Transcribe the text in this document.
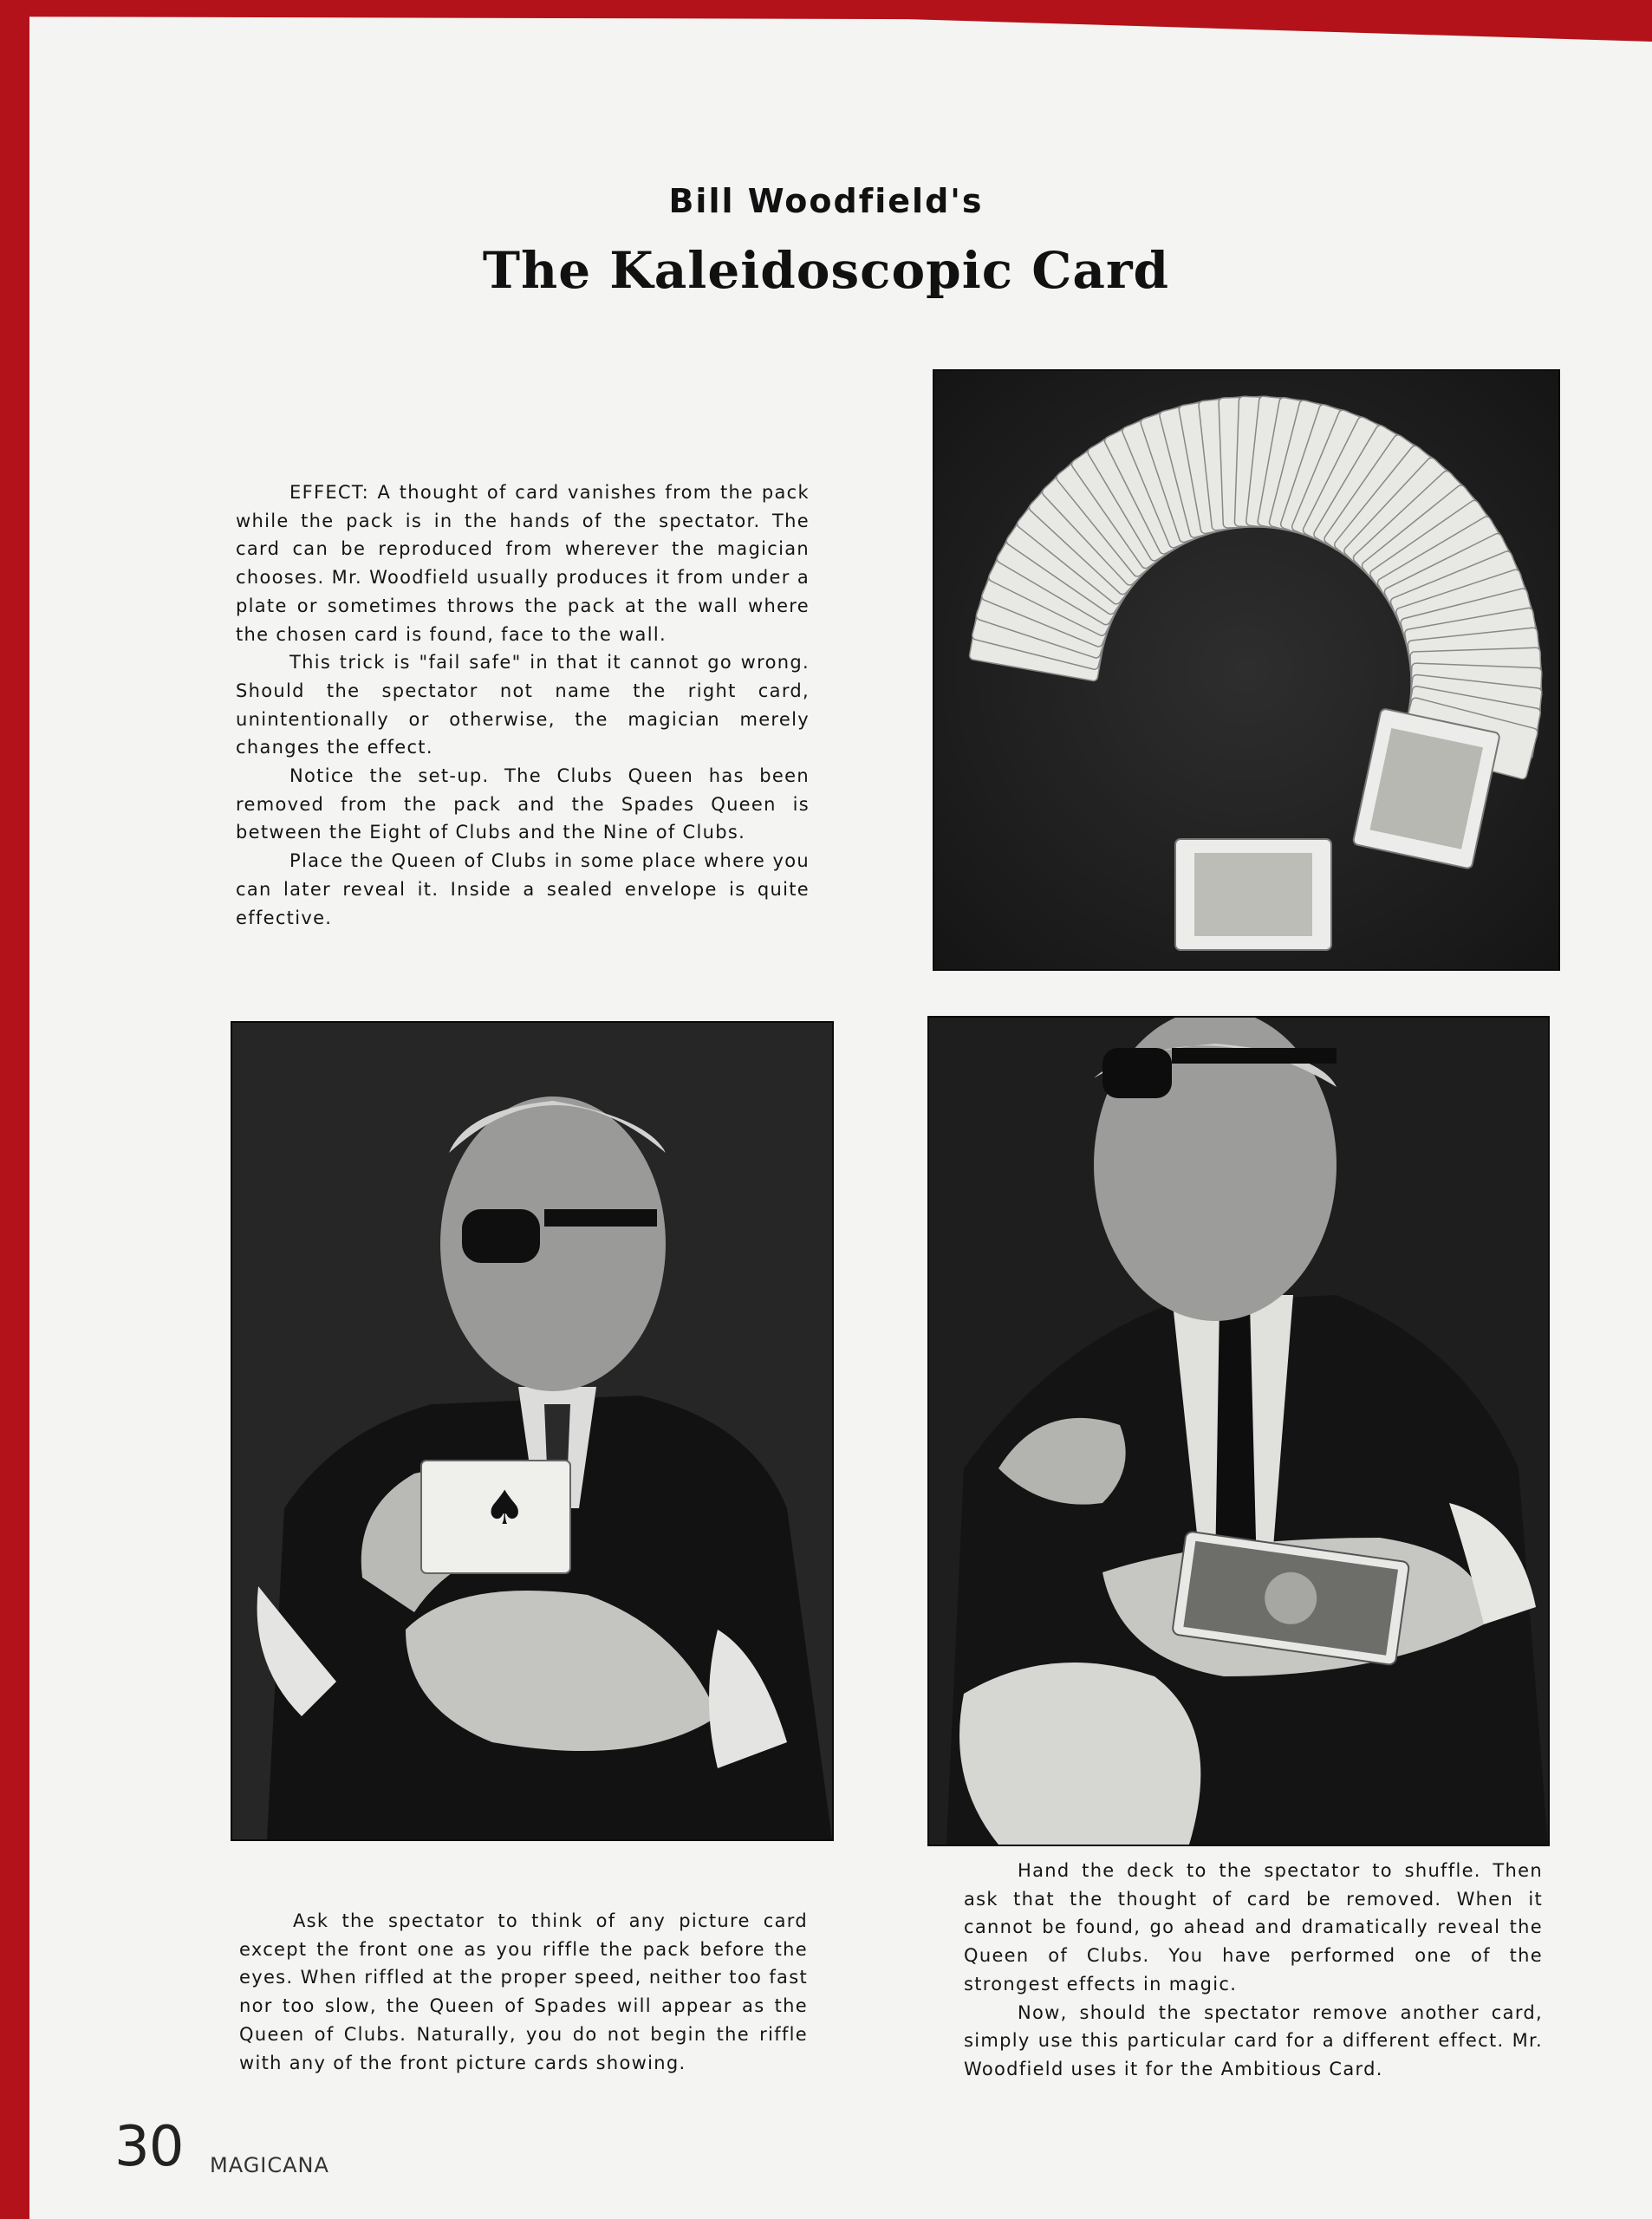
Bill Woodfield's
The Kaleidoscopic Card

EFFECT: A thought of card vanishes from the pack while the pack is in the hands of the spectator. The card can be reproduced from wherever the magician chooses. Mr. Woodfield usually produces it from under a plate or sometimes throws the pack at the wall where the chosen card is found, face to the wall.

This trick is "fail safe" in that it cannot go wrong. Should the spectator not name the right card, unintentionally or otherwise, the magician merely changes the effect.

Notice the set-up. The Clubs Queen has been removed from the pack and the Spades Queen is between the Eight of Clubs and the Nine of Clubs.

Place the Queen of Clubs in some place where you can later reveal it. Inside a sealed envelope is quite effective.

♠

Ask the spectator to think of any picture card except the front one as you riffle the pack before the eyes. When riffled at the proper speed, neither too fast nor too slow, the Queen of Spades will appear as the Queen of Clubs. Naturally, you do not begin the riffle with any of the front picture cards showing.

Hand the deck to the spectator to shuffle. Then ask that the thought of card be removed. When it cannot be found, go ahead and dramatically reveal the Queen of Clubs. You have performed one of the strongest effects in magic.

Now, should the spectator remove another card, simply use this particular card for a different effect. Mr. Woodfield uses it for the Ambitious Card.

30 MAGICANA
